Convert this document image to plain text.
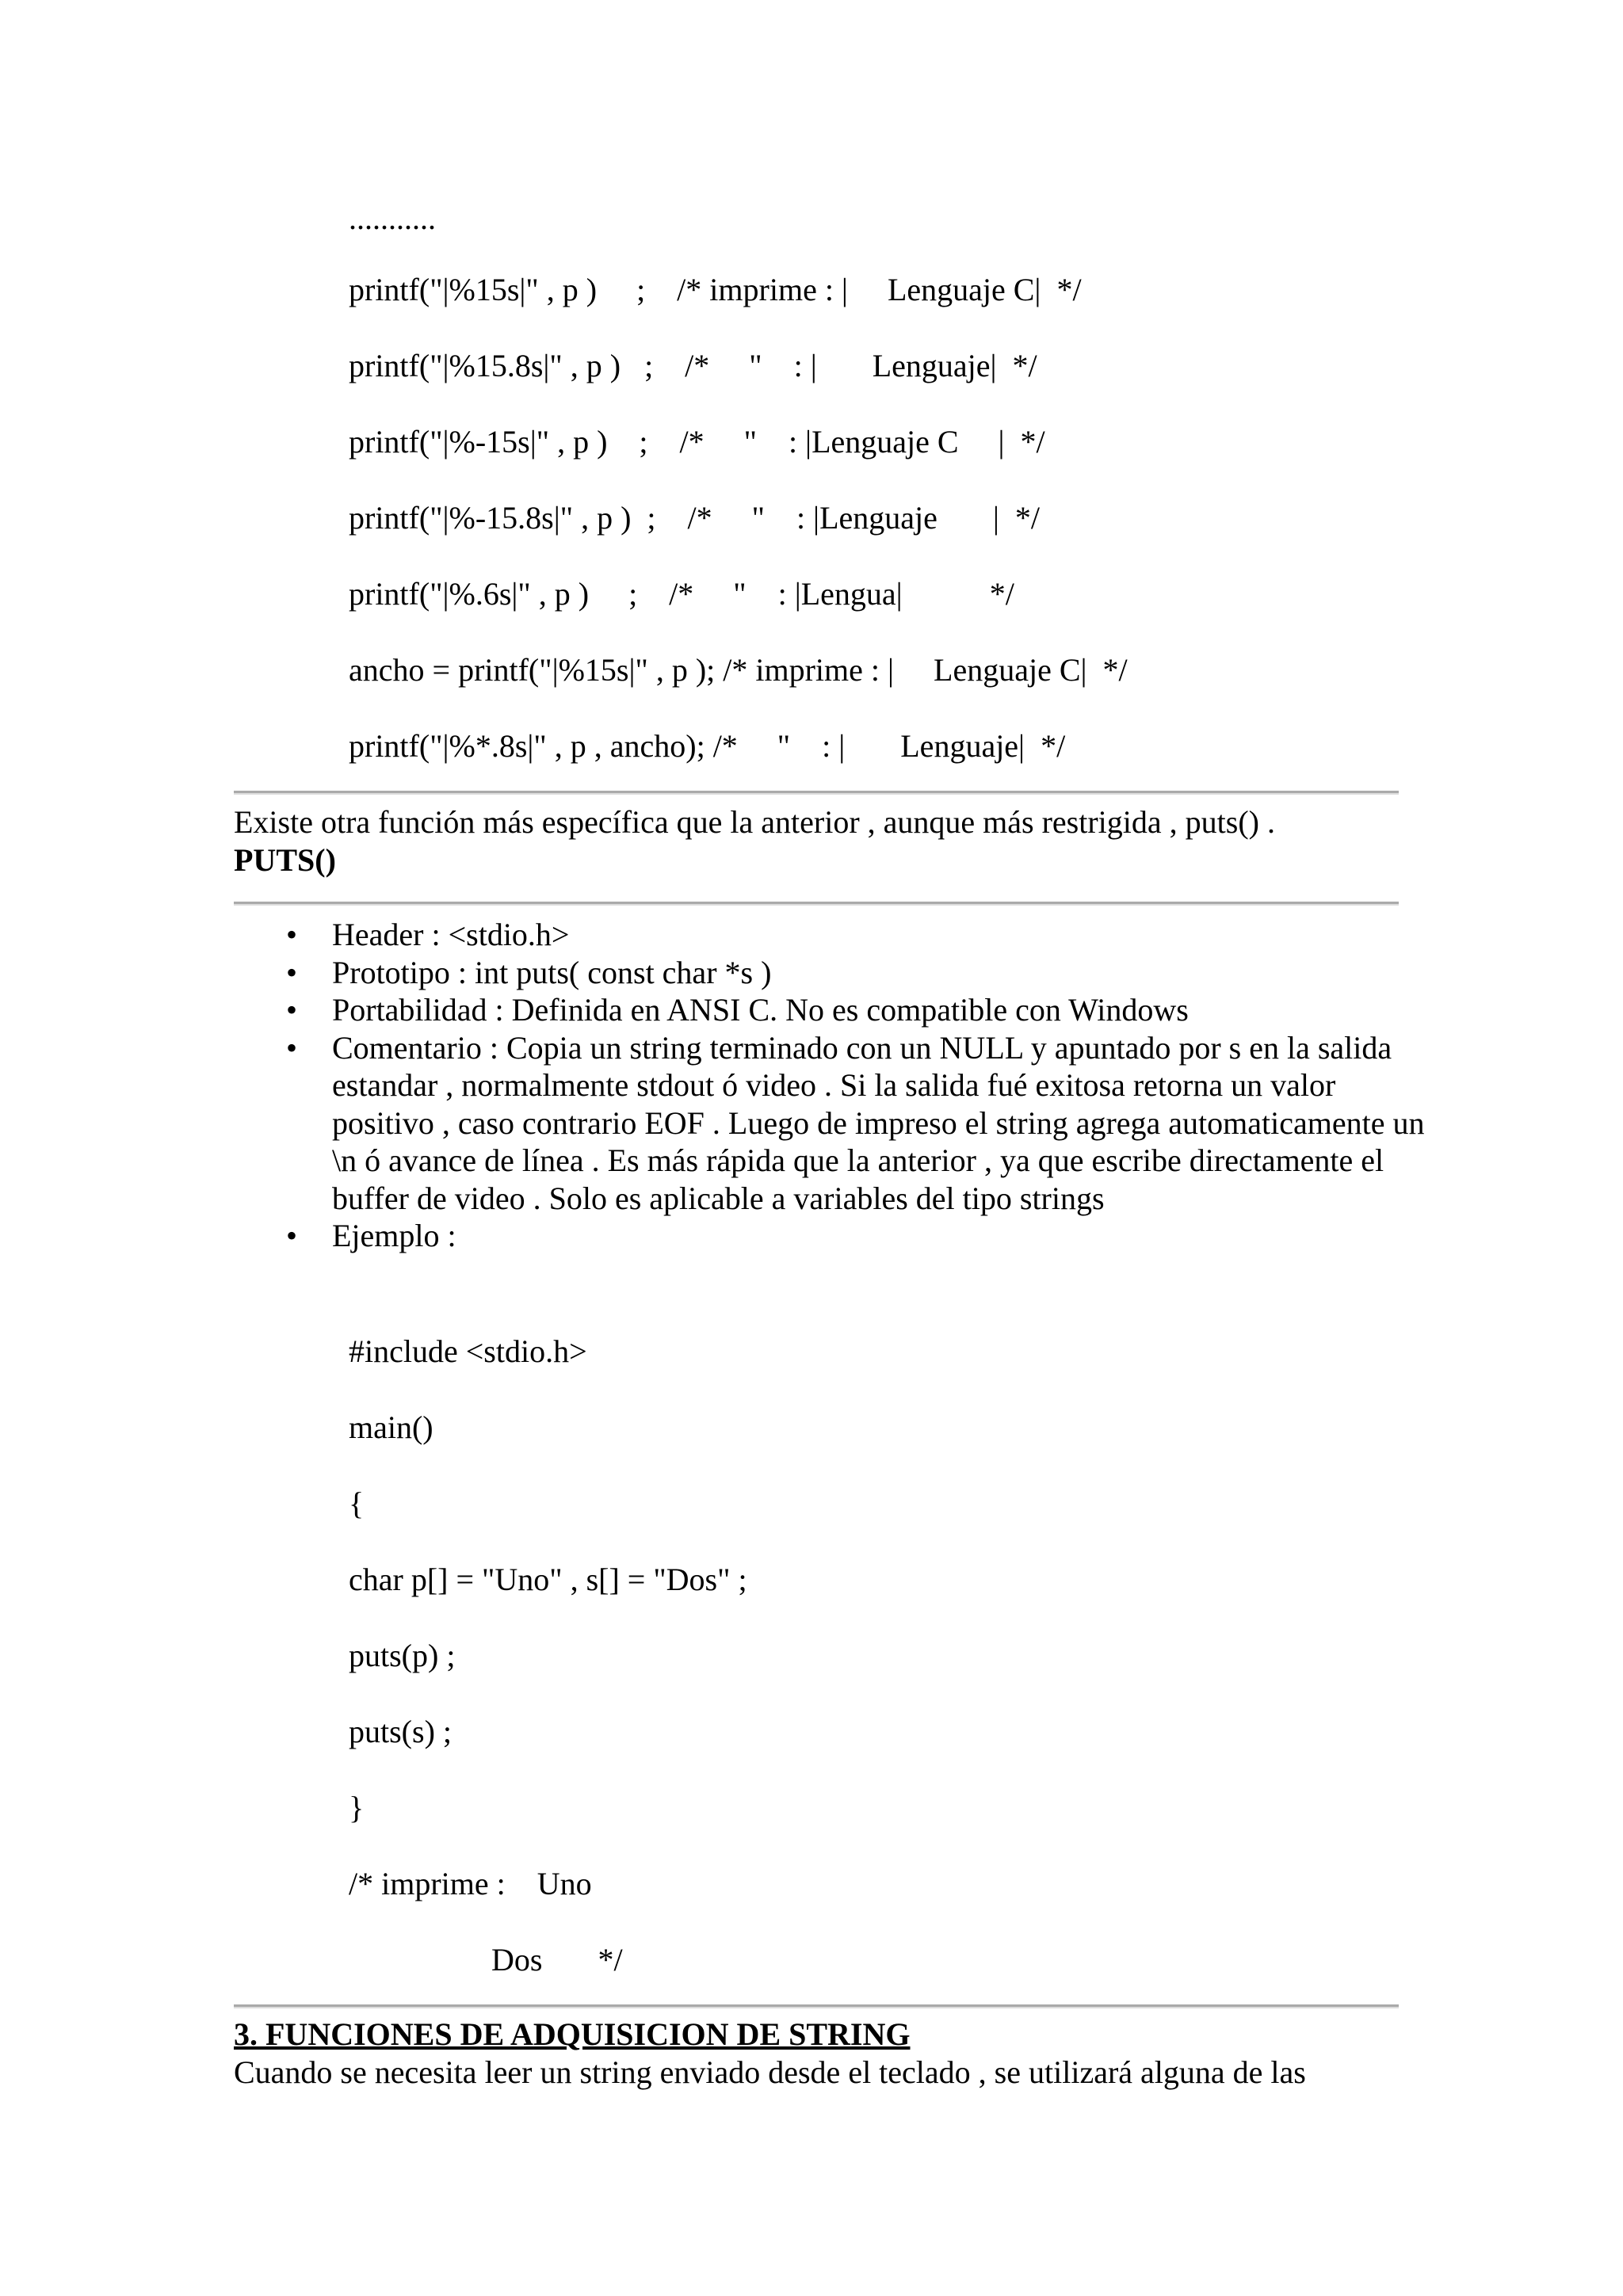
...........
printf("|%15s|" , p )     ;    /* imprime : |     Lenguaje C|  */
printf("|%15.8s|" , p )   ;    /*     "    : |       Lenguaje|  */
printf("|%-15s|" , p )    ;    /*     "    : |Lenguaje C     |  */
printf("|%-15.8s|" , p )  ;    /*     "    : |Lenguaje       |  */
printf("|%.6s|" , p )     ;    /*     "    : |Lengua|           */
ancho = printf("|%15s|" , p ); /* imprime : |     Lenguaje C|  */
printf("|%*.8s|" , p , ancho); /*     "    : |       Lenguaje|  */
Existe otra función más específica que la anterior , aunque más restrigida , puts() .
PUTS()
• Header : <stdio.h>
• Prototipo : int puts( const char *s )
• Portabilidad : Definida en ANSI C. No es compatible con Windows
• Comentario : Copia un string terminado con un NULL y apuntado por s en la salida estandar , normalmente stdout ó video . Si la salida fué exitosa retorna un valor positivo , caso contrario EOF . Luego de impreso el string agrega automaticamente un \n ó avance de línea . Es más rápida que la anterior , ya que escribe directamente el buffer de video . Solo es aplicable a variables del tipo strings
• Ejemplo :
#include <stdio.h>
main()
{
char p[] = "Uno" , s[] = "Dos" ;
puts(p) ;
puts(s) ;
}
/* imprime :    Uno
Dos       */
3. FUNCIONES DE ADQUISICION DE STRING
Cuando se necesita leer un string enviado desde el teclado , se utilizará alguna de las
